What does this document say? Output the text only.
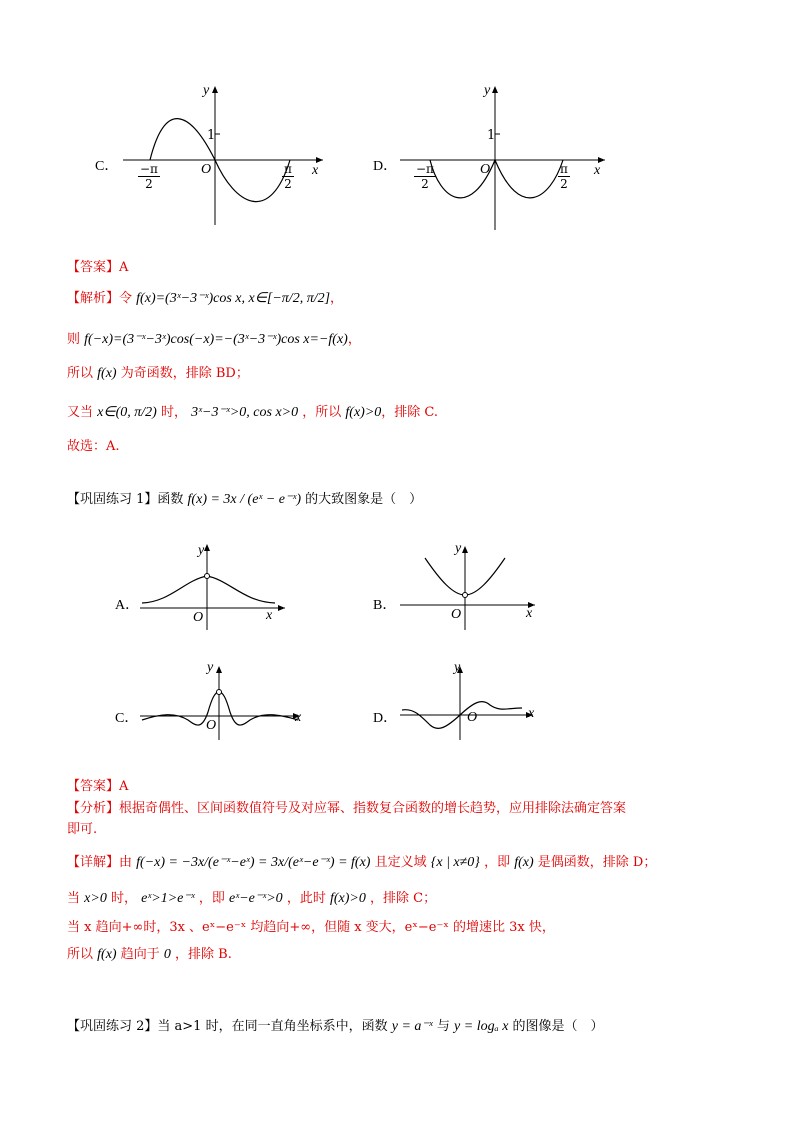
C．
y
1
O	x
$\frac{-\pi}{2}$	$\frac{\pi}{2}$	D．
y
1
O	x
$\frac{-\pi}{2}$	$\frac{\pi}{2}$
【答案】A
【解析】令 f(x)=(3ˣ−3⁻ˣ)cos x, x∈[−π/2, π/2]，
则 f(−x)=(3⁻ˣ−3ˣ)cos(−x)=−(3ˣ−3⁻ˣ)cos x=−f(x)，
所以 f(x) 为奇函数，排除 BD；
又当 x∈(0, π/2) 时， 3ˣ−3⁻ˣ>0, cos x>0 ，所以 f(x)>0，排除 C.
故选：A.
【巩固练习 1】函数 f(x) = 3x / (eˣ − e⁻ˣ) 的大致图象是（　）
A．
y
O	x
B．
y
O	x
C．
y
O
x	D．
y
O	x
【答案】A
【分析】根据奇偶性、区间函数值符号及对应幂、指数复合函数的增长趋势，应用排除法确定答案
即可.
【详解】由 f(−x) = −3x/(e⁻ˣ−eˣ) = 3x/(eˣ−e⁻ˣ) = f(x) 且定义域 {x | x≠0} ，即 f(x) 是偶函数，排除 D；
当 x>0 时， eˣ>1>e⁻ˣ ，即 eˣ−e⁻ˣ>0 ，此时 f(x)>0 ，排除 C；
当 x 趋向+∞时，3x 、eˣ−e⁻ˣ 均趋向+∞，但随 x 变大，eˣ−e⁻ˣ 的增速比 3x 快，
所以 f(x) 趋向于 0 ，排除 B.
【巩固练习 2】当 a>1 时，在同一直角坐标系中，函数 y = a⁻ˣ 与 y = logₐ x 的图像是（　）
